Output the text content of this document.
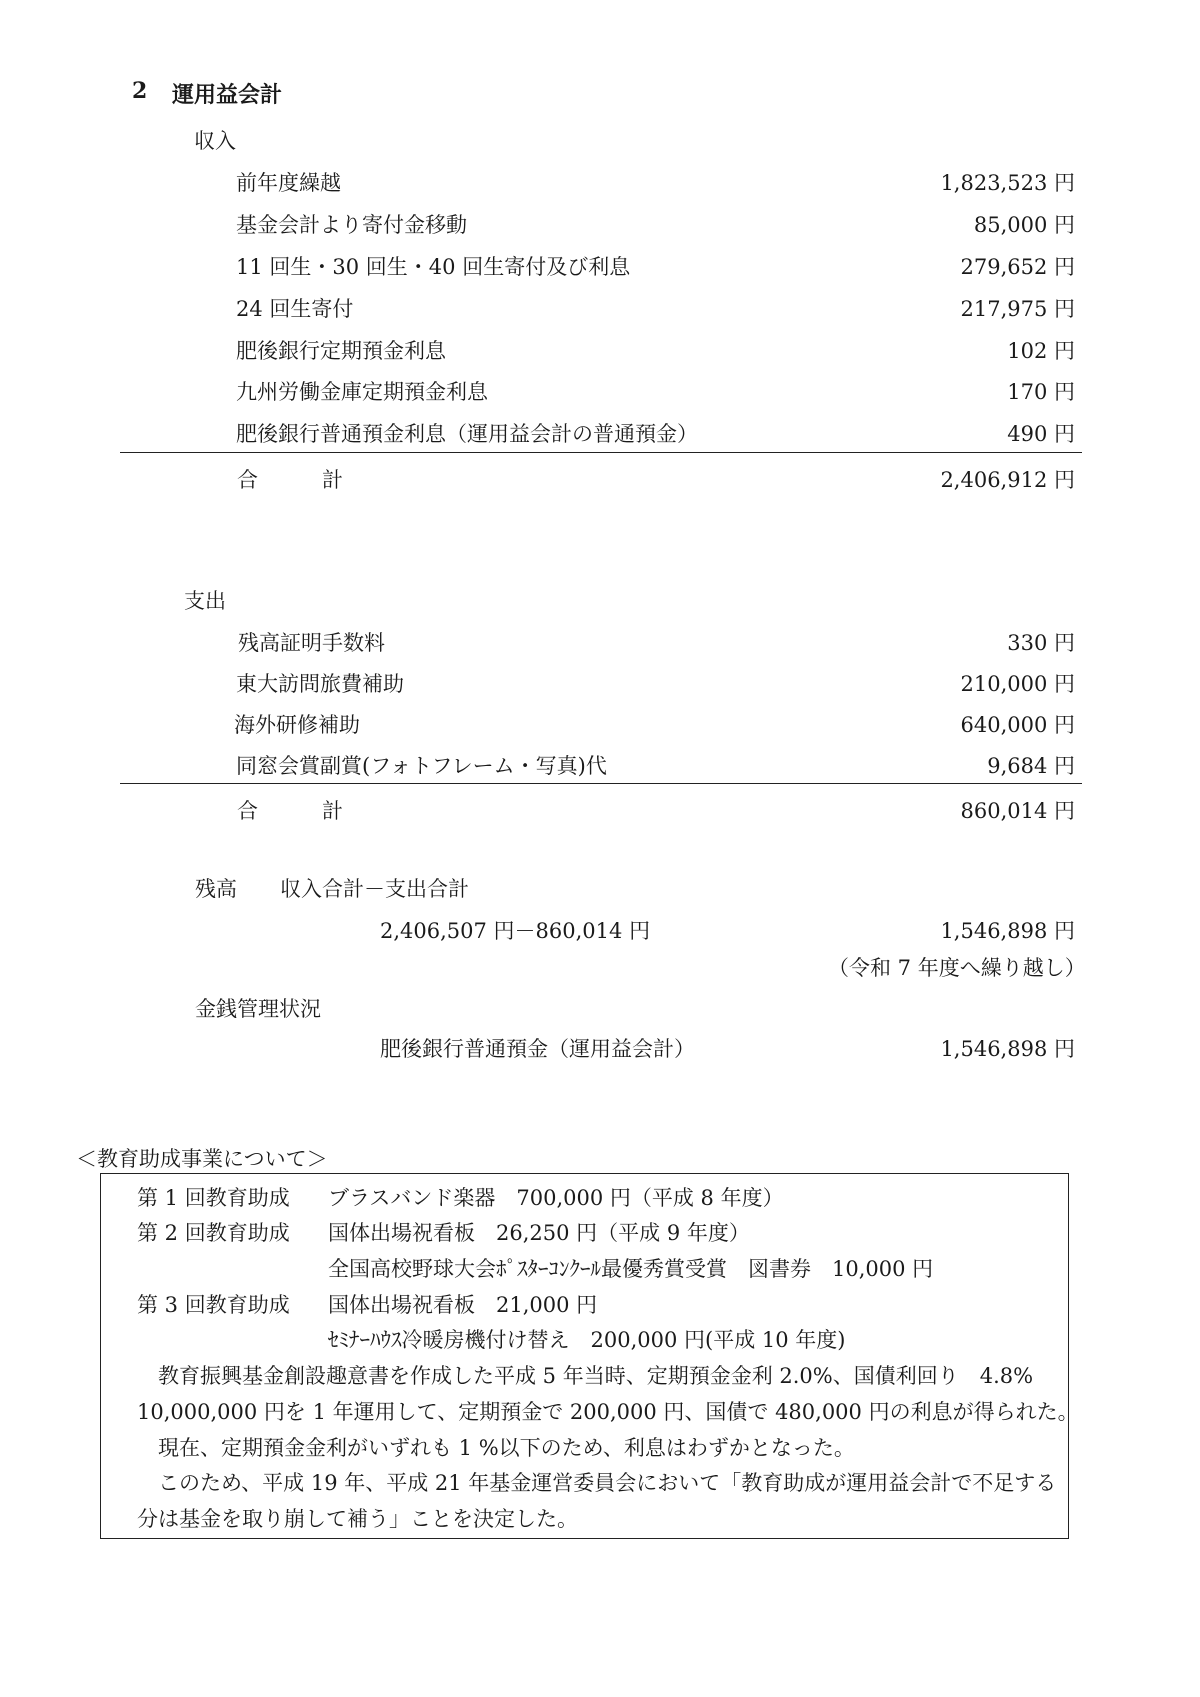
2 運用益会計
収入
前年度繰越	1,823,523 円
基金会計より寄付金移動	85,000 円
11 回生・30 回生・40 回生寄付及び利息	279,652 円
24 回生寄付	217,975 円
肥後銀行定期預金利息	102 円
九州労働金庫定期預金利息	170 円
肥後銀行普通預金利息（運用益会計の普通預金）	490 円
合	計	2,406,912 円
支出
残高証明手数料	330 円
東大訪問旅費補助	210,000 円
海外研修補助	640,000 円
同窓会賞副賞(フォトフレーム・写真)代	9,684 円
合	計	860,014 円
残高 収入合計－支出合計
2,406,507 円－860,014 円	1,546,898 円
（令和 7 年度へ繰り越し）
金銭管理状況
肥後銀行普通預金（運用益会計）	1,546,898 円
＜教育助成事業について＞
第 1 回教育助成 ブラスバンド楽器　700,000 円（平成 8 年度）
第 2 回教育助成 国体出場祝看板　26,250 円（平成 9 年度）
全国高校野球大会ﾎﾟｽﾀｰｺﾝｸｰﾙ最優秀賞受賞　図書券　10,000 円
第 3 回教育助成 国体出場祝看板　21,000 円
ｾﾐﾅｰﾊｳｽ冷暖房機付け替え　200,000 円(平成 10 年度)
教育振興基金創設趣意書を作成した平成 5 年当時、定期預金金利 2.0%、国債利回り　4.8%
10,000,000 円を 1 年運用して、定期預金で 200,000 円、国債で 480,000 円の利息が得られた。
現在、定期預金金利がいずれも 1 %以下のため、利息はわずかとなった。
このため、平成 19 年、平成 21 年基金運営委員会において「教育助成が運用益会計で不足する
分は基金を取り崩して補う」ことを決定した。
